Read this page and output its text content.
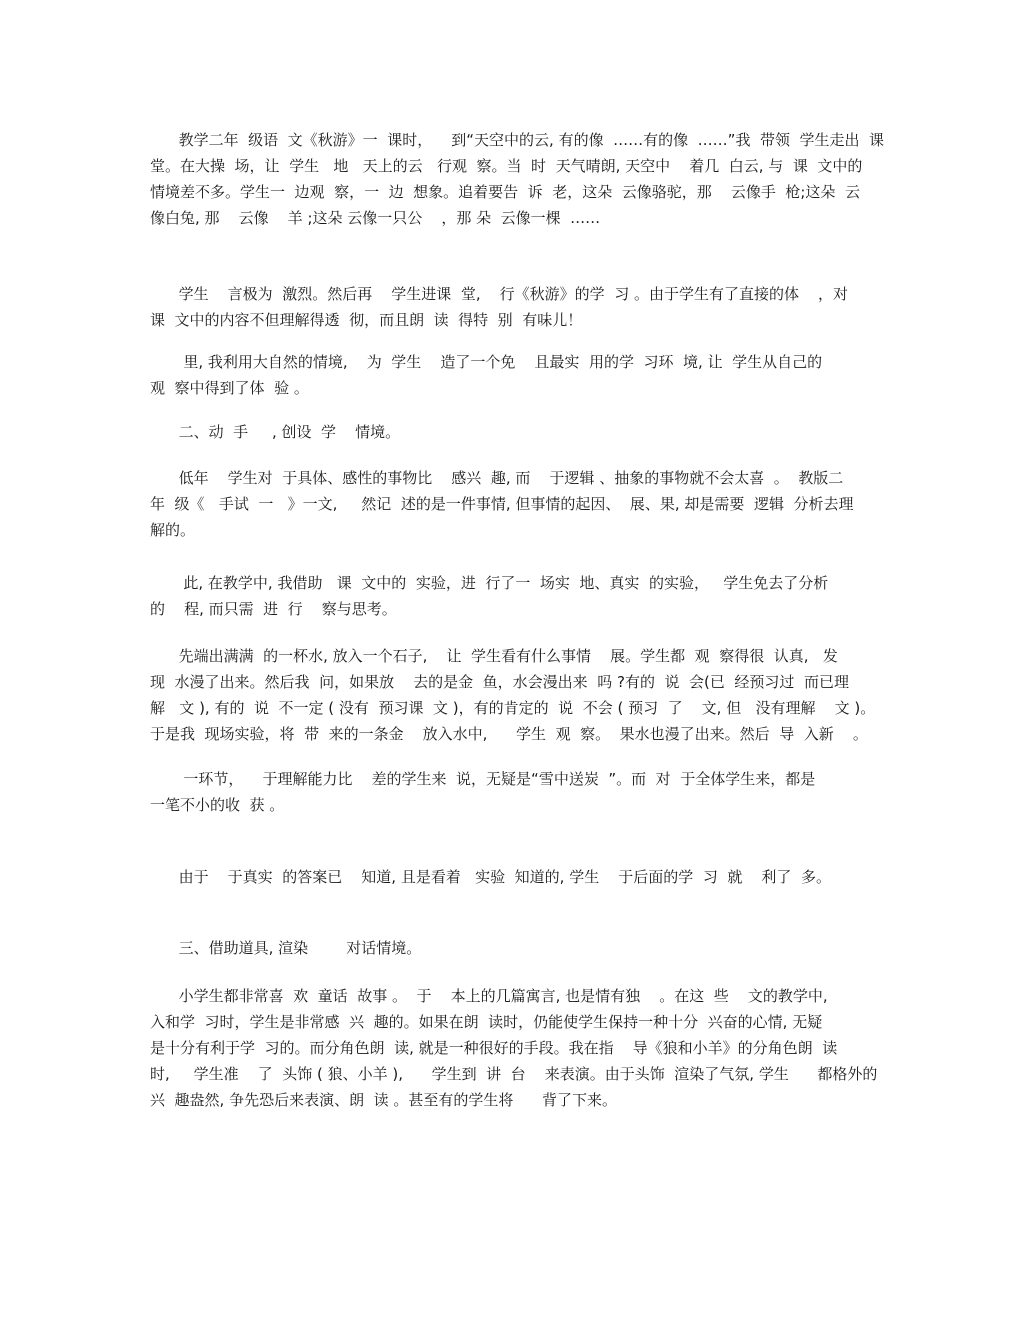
教学二年  级语  文《秋游》一  课时，    到“天空中的云, 有的像  ……有的像  ……”我  带领  学生走出  课
堂。在大操  场，让  学生   地   天上的云   行观  察。当  时  天气晴朗, 天空中    着几  白云, 与  课  文中的
情境差不多。学生一  边观  察，一  边  想象。追着要告  诉  老，这朵  云像骆驼，那    云像手  枪;这朵  云
像白兔, 那    云像    羊 ;这朵 云像一只公    ，那 朵  云像一棵  ……
学生    言极为  激烈。然后再    学生进课  堂,    行《秋游》的学  习 。由于学生有了直接的体    ，对
课  文中的内容不但理解得透  彻，而且朗  读  得特  别  有味儿！
里, 我利用大自然的情境,    为  学生    造了一个免    且最实  用的学  习环  境, 让  学生从自己的
观  察中得到了体  验 。
二、动  手     , 创设  学    情境。
低年    学生对  于具体、感性的事物比    感兴  趣, 而    于逻辑 、抽象的事物就不会太喜  。  教版二
年  级《   手试  一   》一文,     然记  述的是一件事情, 但事情的起因、  展、果, 却是需要  逻辑  分析去理
解的。
此, 在教学中, 我借助   课  文中的  实验，进  行了一  场实  地、真实  的实验，   学生免去了分析
的    程, 而只需  进  行    察与思考。
先端出满满  的一杯水, 放入一个石子,    让  学生看有什么事情    展。学生都  观  察得很  认真,   发
现  水漫了出来。然后我  问，如果放    去的是金  鱼，水会漫出来  吗 ?有的  说  会(已  经预习过  而已理
解   文 ), 有的  说  不一定 ( 没有  预习课  文 )，有的肯定的  说  不会 ( 预习  了    文, 但   没有理解    文 )。
于是我  现场实验，将  带  来的一条金    放入水中,      学生  观  察。  果水也漫了出来。然后  导  入新    。
一环节，    于理解能力比    差的学生来  说，无疑是“雪中送炭  ”。而  对  于全体学生来，都是
一笔不小的收  获 。
由于    于真实  的答案已    知道, 且是看着   实验  知道的, 学生    于后面的学  习  就    利了  多。
三、借助道具, 渲染        对话情境。
小学生都非常喜  欢  童话  故事 。  于    本上的几篇寓言, 也是情有独    。在这  些    文的教学中,
入和学  习时，学生是非常感  兴  趣的。如果在朗  读时，仍能使学生保持一种十分  兴奋的心情, 无疑
是十分有利于学  习的。而分角色朗  读, 就是一种很好的手段。我在指    导《狼和小羊》的分角色朗  读
时,     学生准    了  头饰 ( 狼、小羊 ),      学生到  讲  台    来表演。由于头饰  渲染了气氛, 学生      都格外的
兴  趣盎然, 争先恐后来表演、朗  读 。甚至有的学生将      背了下来。
